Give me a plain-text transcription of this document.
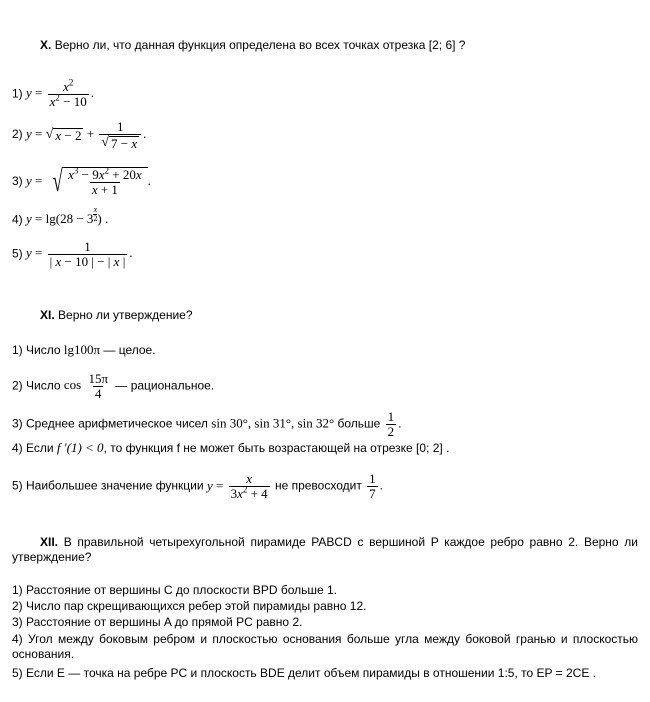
X. Верно ли, что данная функция определена во всех точках отрезка [2; 6] ?
1) $y = \frac{x^2}{x^2 - 10}$ .
2) y = √ $x - 2 + \frac{1}{√ 7 - x}$ .
3) y = √ $\frac{x^3 - 9x^2 + 20x}{x + 1}$ .
4) y = lg(28 − 3 $^{\frac{x}{2}}$ ) .
5) $y = \frac{1}{| x - 10 | - | x |}$ .
XI. Верно ли утверждение?
1) Число lg100π — целое.
2) Число $\cos \frac{15\pi}{4}$ — рациональное.
3) Среднее арифметическое чисел sin 30°, sin 31°, sin 32° больше $\frac{1}{2}$ .
4) Если f ′(1) < 0, то функция f не может быть возрастающей на отрезке [0; 2] .
5) Наибольшее значение функции $y = \frac{x}{3x^2 + 4}$ не превосходит $\frac{1}{7}$ .
XII. В правильной четырехугольной пирамиде PABCD с вершиной P каждое ребро равно 2. Верно ли утверждение?
1) Расстояние от вершины C до плоскости BPD больше 1.
2) Число пар скрещивающихся ребер этой пирамиды равно 12.
3) Расстояние от вершины A до прямой PC равно 2.
4) Угол между боковым ребром и плоскостью основания больше угла между боковой гранью и плоскостью основания.
5) Если E — точка на ребре PC и плоскость BDE делит объем пирамиды в отношении 1:5, то EP = 2CE .
